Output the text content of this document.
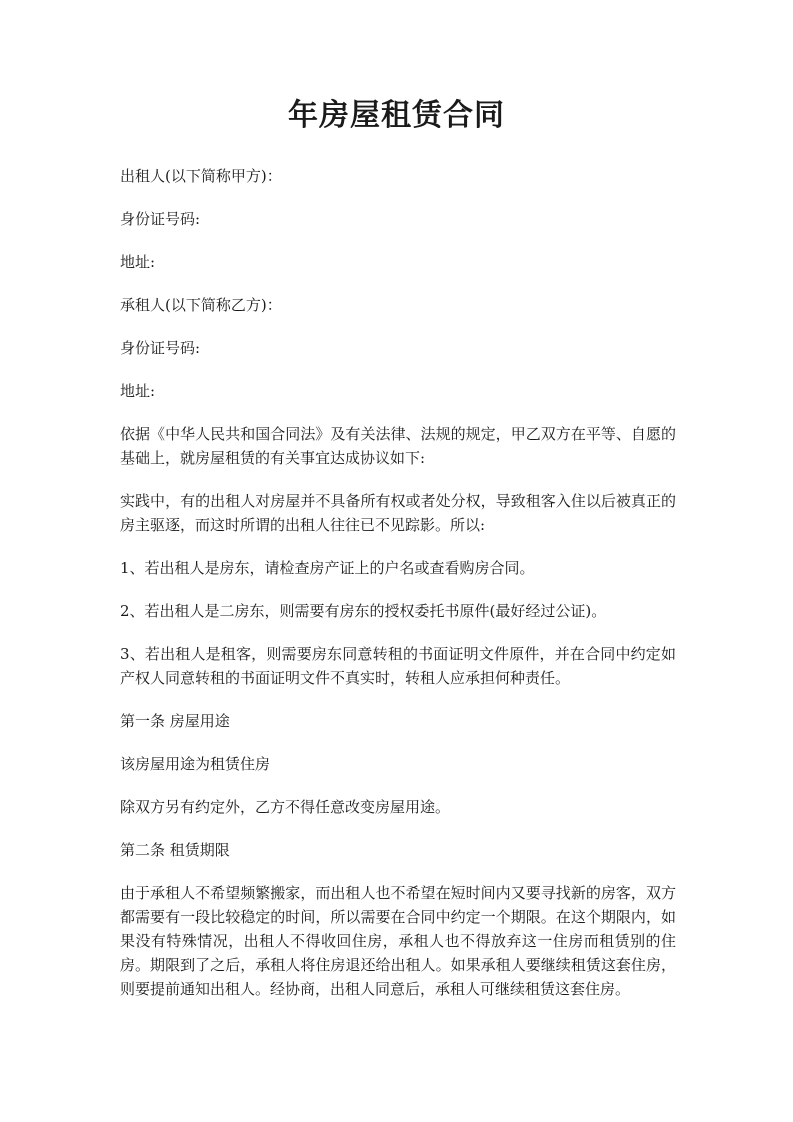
年房屋租赁合同

出租人(以下简称甲方)：

身份证号码:

地址:

承租人(以下简称乙方)：

身份证号码:

地址:

依据《中华人民共和国合同法》及有关法律、法规的规定，甲乙双方在平等、自愿的基础上，就房屋租赁的有关事宜达成协议如下:

实践中，有的出租人对房屋并不具备所有权或者处分权，导致租客入住以后被真正的房主驱逐，而这时所谓的出租人往往已不见踪影。所以:

1、若出租人是房东，请检查房产证上的户名或查看购房合同。

2、若出租人是二房东，则需要有房东的授权委托书原件(最好经过公证)。

3、若出租人是租客，则需要房东同意转租的书面证明文件原件，并在合同中约定如产权人同意转租的书面证明文件不真实时，转租人应承担何种责任。

第一条 房屋用途

该房屋用途为租赁住房

除双方另有约定外，乙方不得任意改变房屋用途。

第二条 租赁期限

由于承租人不希望频繁搬家，而出租人也不希望在短时间内又要寻找新的房客，双方都需要有一段比较稳定的时间，所以需要在合同中约定一个期限。在这个期限内，如果没有特殊情况，出租人不得收回住房，承租人也不得放弃这一住房而租赁别的住房。期限到了之后，承租人将住房退还给出租人。如果承租人要继续租赁这套住房，则要提前通知出租人。经协商，出租人同意后，承租人可继续租赁这套住房。
